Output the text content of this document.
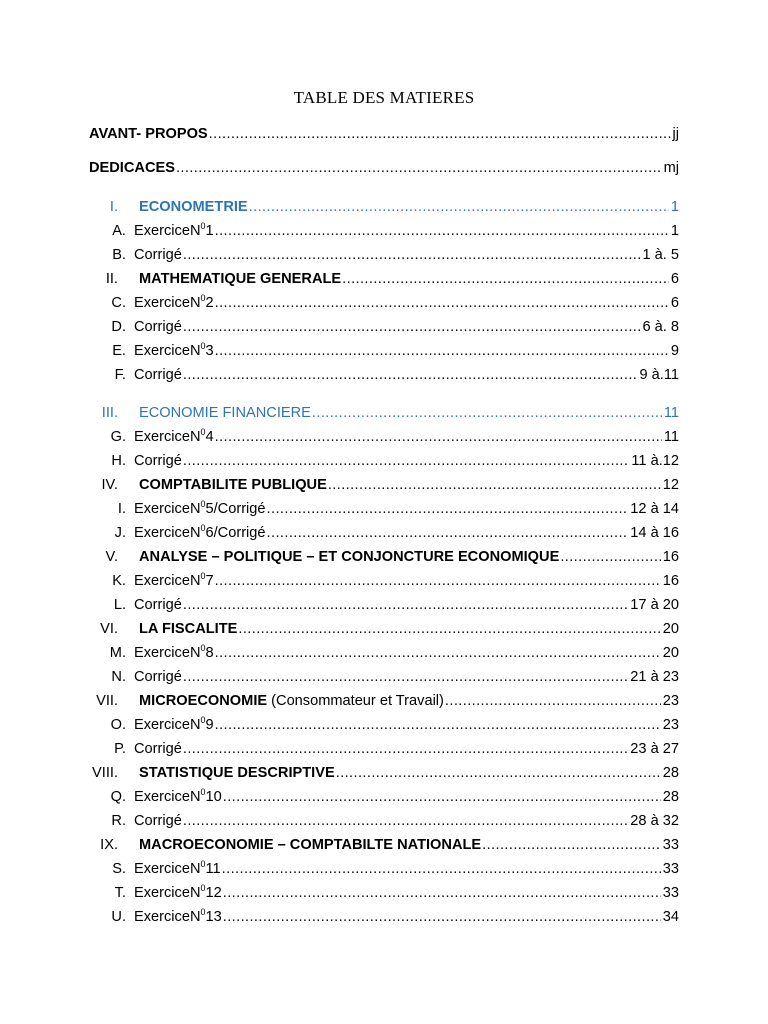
TABLE DES MATIERES
AVANT- PROPOS .....	jj
DEDICACES .....	mj
I. ECONOMETRIE .....	1
A. ExerciceN$^0$1 .....	1
B. Corrigé .....	1 à. 5
II. MATHEMATIQUE GENERALE .....	6
C. ExerciceN$^0$2 .....	6
D. Corrigé .....	6 à. 8
E. ExerciceN$^0$3 .....	9
F. Corrigé .....	9 à.11
III. ECONOMIE FINANCIERE .....	11
G. ExerciceN$^0$4 .....	11
H. Corrigé .....	11 à.12
IV. COMPTABILITE PUBLIQUE .....	12
I. ExerciceN$^0$5/Corrigé .....	12 à 14
J. ExerciceN$^0$6/Corrigé .....	14 à 16
V. ANALYSE – POLITIQUE – ET CONJONCTURE ECONOMIQUE .....	16
K. ExerciceN$^0$7 .....	16
L. Corrigé .....	17 à 20
VI. LA FISCALITE .....	20
M. ExerciceN$^0$8 .....	20
N. Corrigé .....	21 à 23
VII. MICROECONOMIE (Consommateur et Travail) .....	23
O. ExerciceN$^0$9 .....	23
P. Corrigé .....	23 à 27
VIII. STATISTIQUE DESCRIPTIVE .....	28
Q. ExerciceN$^0$10 .....	28
R. Corrigé .....	28 à 32
IX. MACROECONOMIE – COMPTABILTE NATIONALE .....	33
S. ExerciceN$^0$11 .....	33
T. ExerciceN$^0$12 .....	33
U. ExerciceN$^0$13 .....	34
